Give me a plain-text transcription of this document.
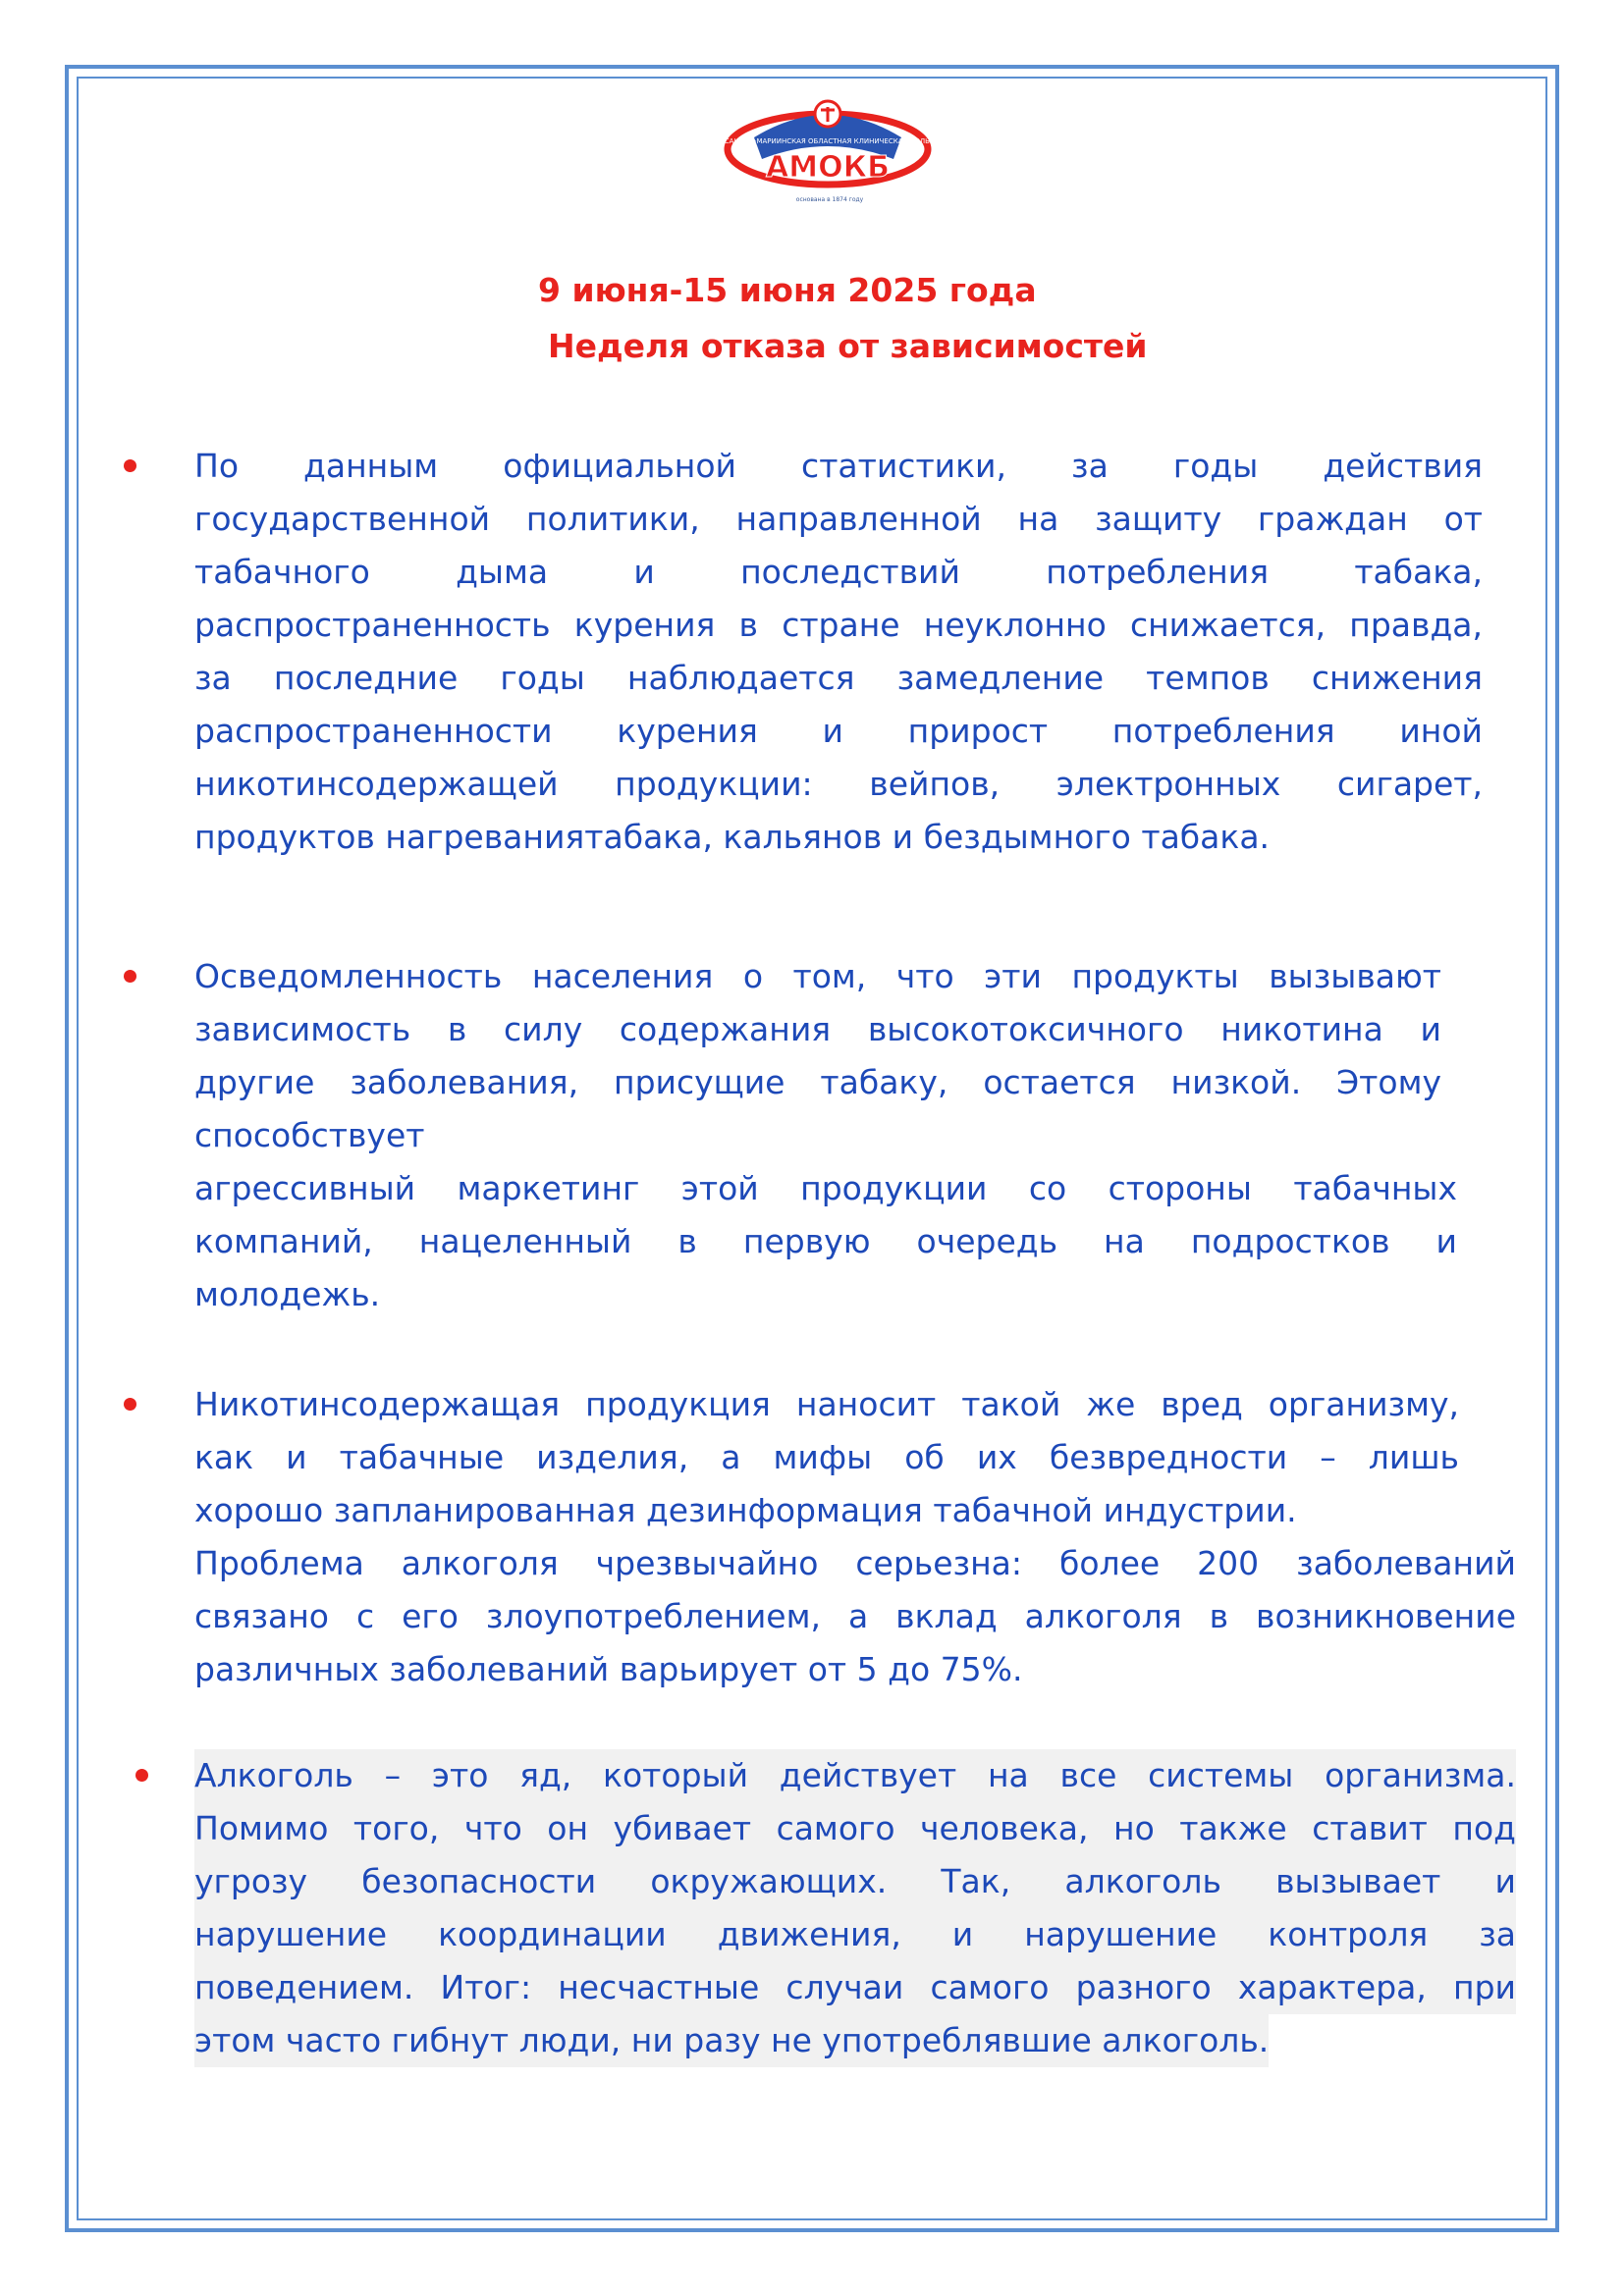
АЛЕКСАНДРО-МАРИИНСКАЯ ОБЛАСТНАЯ КЛИНИЧЕСКАЯ БОЛЬНИЦА
АМОКБ
основана в 1874 году
9 июня-15 июня 2025 года
Неделя отказа от зависимостей
По данным официальной статистики, за годы действия
государственной политики, направленной на защиту граждан от
табачного дыма и последствий потребления табака,
распространенность курения в стране неуклонно снижается, правда,
за последние годы наблюдается замедление темпов снижения
распространенности курения и прирост потребления иной
никотинсодержащей продукции: вейпов, электронных сигарет,
продуктов нагреваниятабака, кальянов и бездымного табака.
Осведомленность населения о том, что эти продукты вызывают
зависимость в силу содержания высокотоксичного никотина и
другие заболевания, присущие табаку, остается низкой. Этому
способствует
агрессивный маркетинг этой продукции со стороны табачных
компаний, нацеленный в первую очередь на подростков и
молодежь.
Никотинсодержащая продукция наносит такой же вред организму,
как и табачные изделия, а мифы об их безвредности – лишь
хорошо запланированная дезинформация табачной индустрии.
Проблема алкоголя чрезвычайно серьезна: более 200 заболеваний
связано с его злоупотреблением, а вклад алкоголя в возникновение
различных заболеваний варьирует от 5 до 75%.
Алкоголь – это яд, который действует на все системы организма.
Помимо того, что он убивает самого человека, но также ставит под
угрозу безопасности окружающих. Так, алкоголь вызывает и
нарушение координации движения, и нарушение контроля за
поведением. Итог: несчастные случаи самого разного характера, при
этом часто гибнут люди, ни разу не употреблявшие алкоголь.
